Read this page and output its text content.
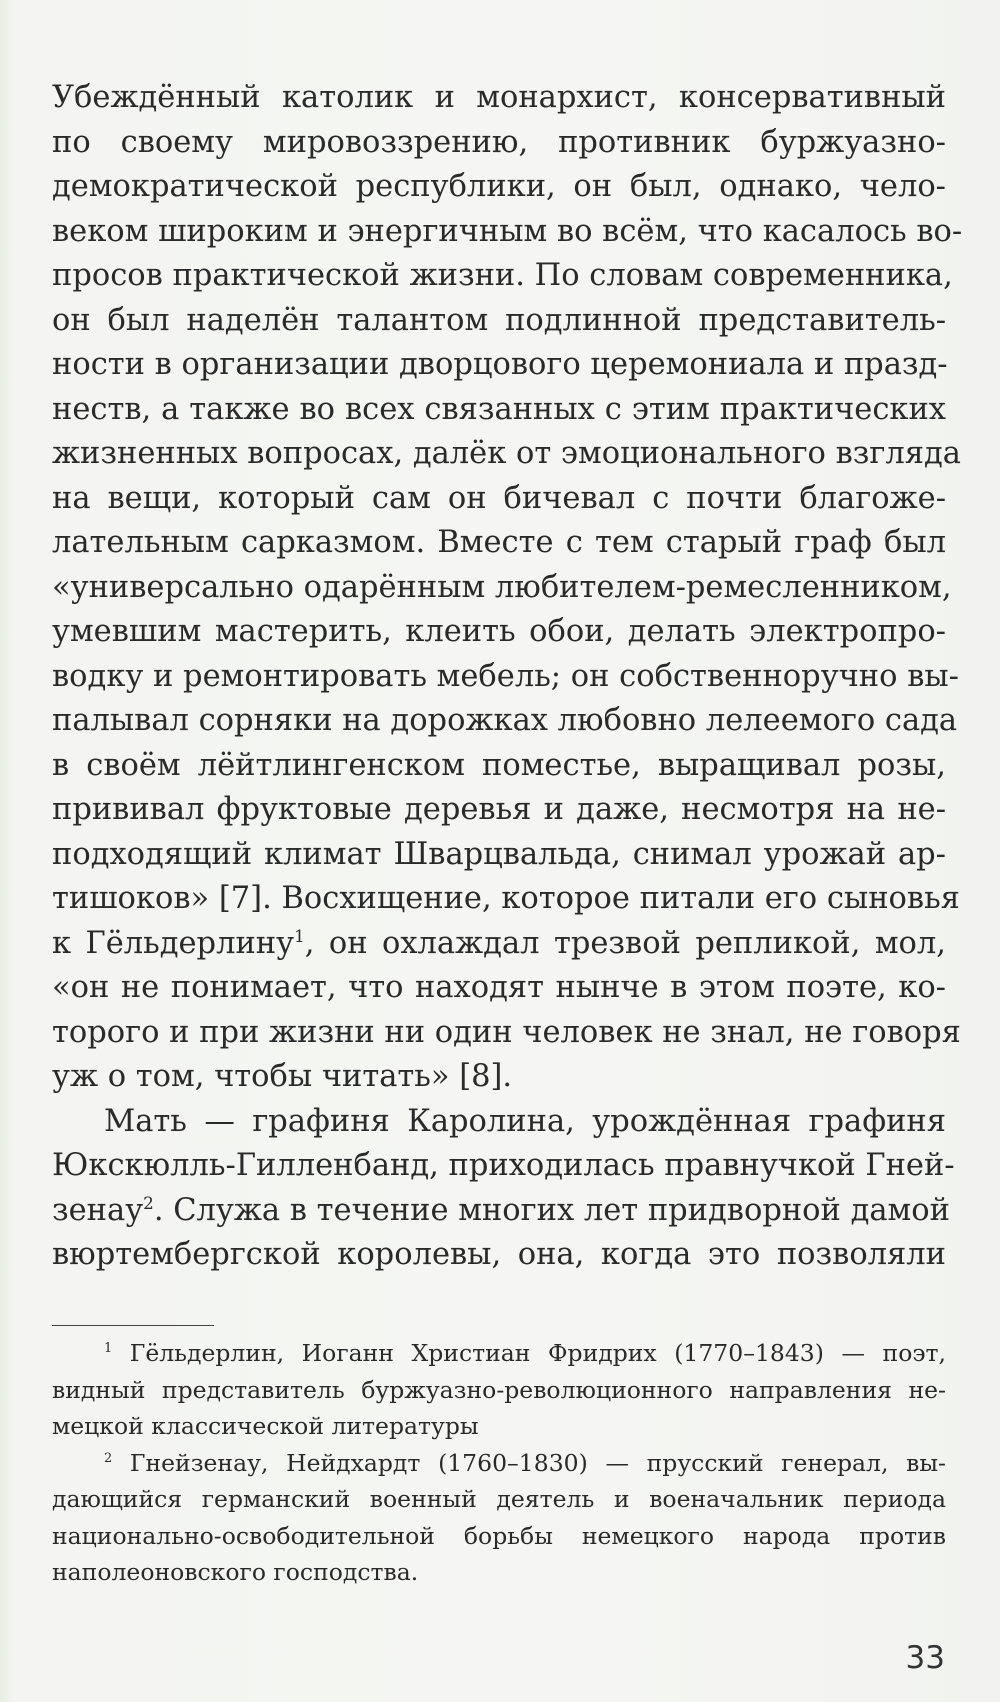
Убеждённый католик и монархист, консервативный
по своему мировоззрению, противник буржуазно-
демократической республики, он был, однако, чело-
веком широким и энергичным во всём, что касалось во-
просов практической жизни. По словам современника,
он был наделён талантом подлинной представитель-
ности в организации дворцового церемониала и празд-
неств, а также во всех связанных с этим практических
жизненных вопросах, далёк от эмоционального взгляда
на вещи, который сам он бичевал с почти благоже-
лательным сарказмом. Вместе с тем старый граф был
«универсально одарённым любителем-ремесленником,
умевшим мастерить, клеить обои, делать электропро-
водку и ремонтировать мебель; он собственноручно вы-
палывал сорняки на дорожках любовно лелеемого сада
в своём лёйтлингенском поместье, выращивал розы,
прививал фруктовые деревья и даже, несмотря на не-
подходящий климат Шварцвальда, снимал урожай ар-
тишоков» [7]. Восхищение, которое питали его сыновья
к Гёльдерлину$^1$, он охлаждал трезвой репликой, мол,
«он не понимает, что находят нынче в этом поэте, ко-
торого и при жизни ни один человек не знал, не говоря
уж о том, чтобы читать» [8].
Мать — графиня Каролина, урождённая графиня
Юкскюлль-Гилленбанд, приходилась правнучкой Гней-
зенау$^2$. Служа в течение многих лет придворной дамой
вюртембергской королевы, она, когда это позволяли
$^1$ Гёльдерлин, Иоганн Христиан Фридрих (1770–1843) — поэт,
видный представитель буржуазно-революционного направления не-
мецкой классической литературы
$^2$ Гнейзенау, Нейдхардт (1760–1830) — прусский генерал, вы-
дающийся германский военный деятель и военачальник периода
национально-освободительной борьбы немецкого народа против
наполеоновского господства.
33
